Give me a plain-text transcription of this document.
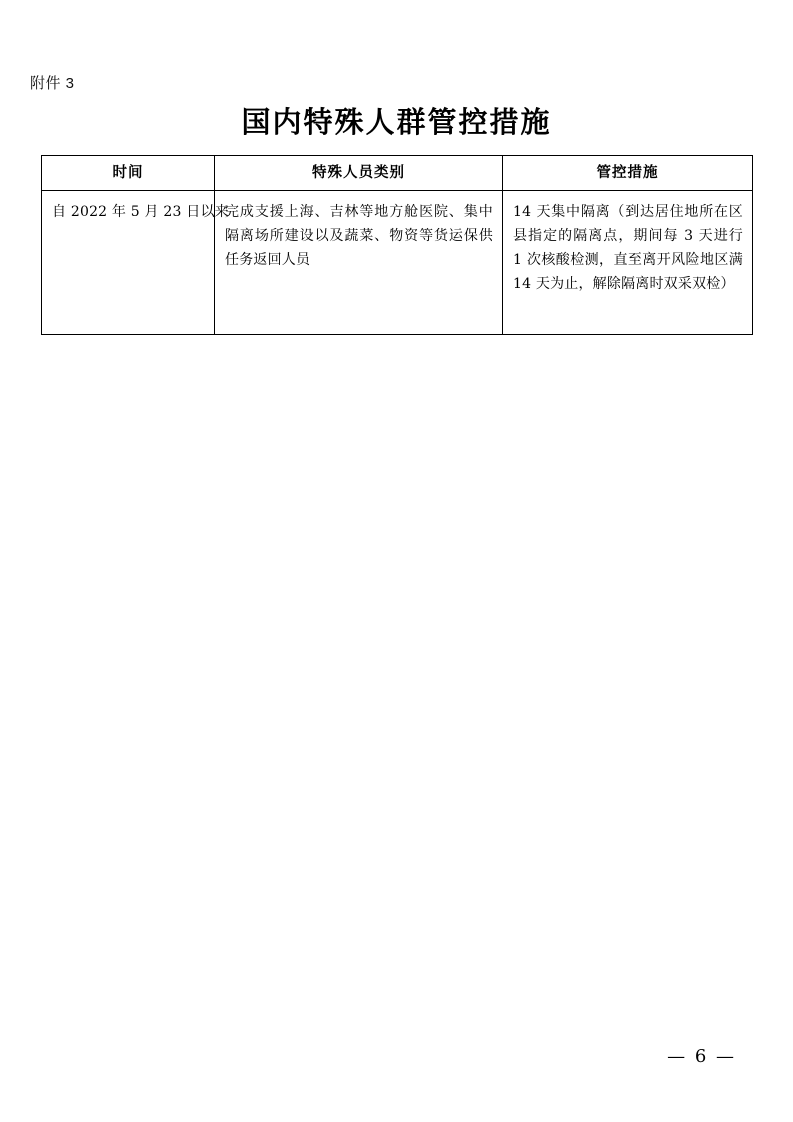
附件 3
国内特殊人群管控措施
时间	特殊人员类别	管控措施
自 2022 年 5 月 23 日以来	完成支援上海、吉林等地方舱医院、集中隔离场所建设以及蔬菜、物资等货运保供任务返回人员	14 天集中隔离（到达居住地所在区县指定的隔离点，期间每 3 天进行 1 次核酸检测，直至离开风险地区满 14 天为止，解除隔离时双采双检）
— 6 —
